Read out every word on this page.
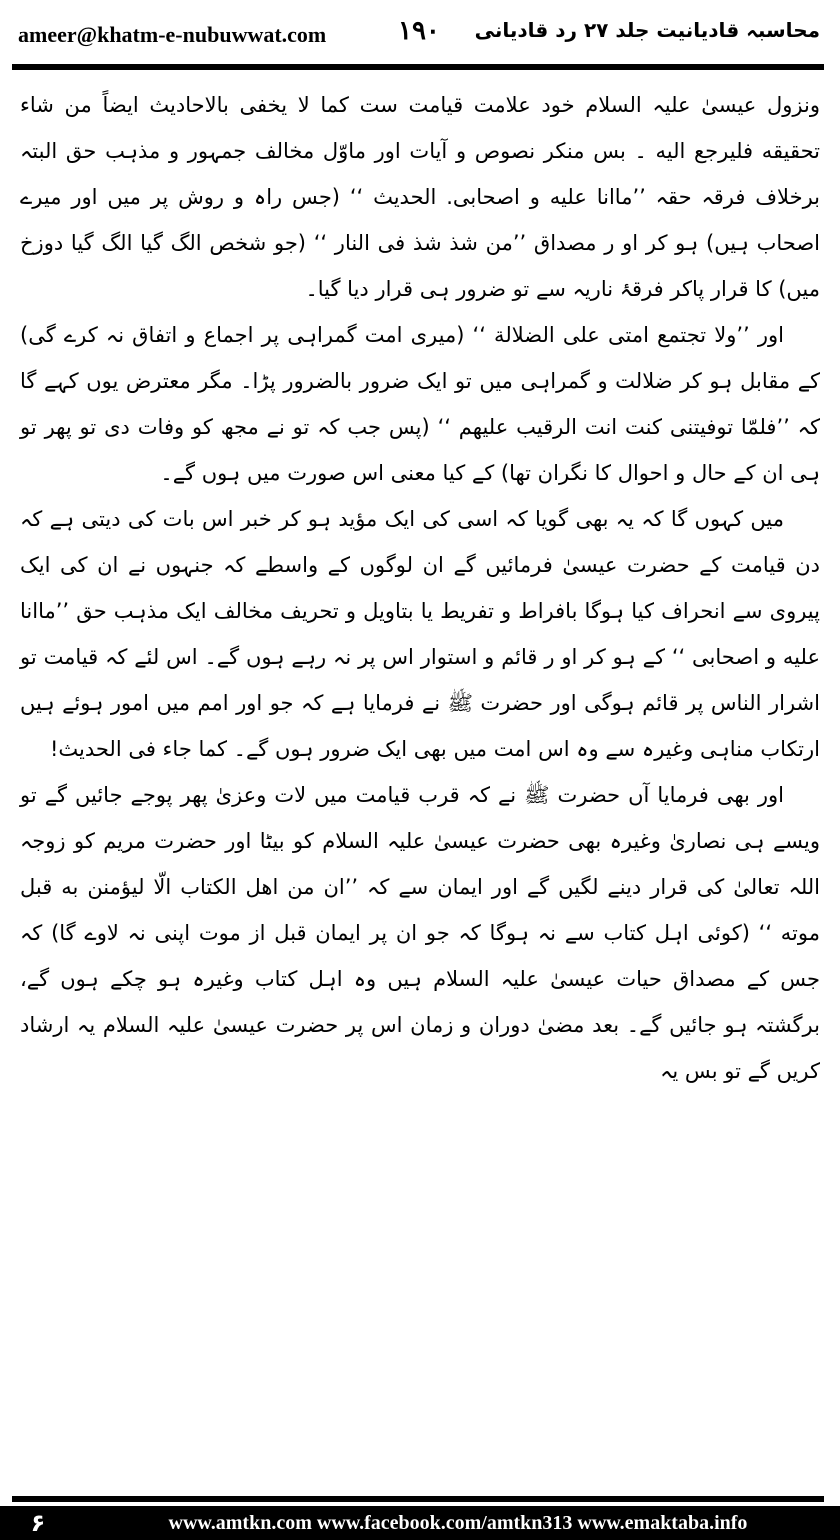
ameer@khatm-e-nubuwwat.com	۱۹۰ محاسبہ قادیانیت جلد ۲۷ رد قادیانی

ونزول عیسیٰ علیہ السلام خود علامت قیامت ست کما لا یخفی بالاحادیث ایضاً من شاء تحقیقه فلیرجع الیه ۔ بس منکر نصوص و آیات اور ماوّل مخالف جمہور و مذہب حق البتہ برخلاف فرقہ حقہ ’’ماانا علیه و اصحابی. الحدیث ‘‘ (جس راہ و روش پر میں اور میرے اصحاب ہیں) ہو کر او ر مصداق ’’من شذ شذ فی النار ‘‘ (جو شخص الگ گیا الگ گیا دوزخ میں) کا قرار پاکر فرقۂ ناریہ سے تو ضرور ہی قرار دیا گیا۔

اور ’’ولا تجتمع امتی علی الضلالة ‘‘ (میری امت گمراہی پر اجماع و اتفاق نہ کرے گی) کے مقابل ہو کر ضلالت و گمراہی میں تو ایک ضرور بالضرور پڑا۔ مگر معترض یوں کہے گا کہ ’’فلمّا توفیتنی کنت انت الرقیب علیهم ‘‘ (پس جب کہ تو نے مجھ کو وفات دی تو پھر تو ہی ان کے حال و احوال کا نگران تھا) کے کیا معنی اس صورت میں ہوں گے۔

میں کہوں گا کہ یہ بھی گویا کہ اسی کی ایک مؤید ہو کر خبر اس بات کی دیتی ہے کہ دن قیامت کے حضرت عیسیٰ فرمائیں گے ان لوگوں کے واسطے کہ جنہوں نے ان کی ایک پیروی سے انحراف کیا ہوگا بافراط و تفریط یا بتاویل و تحریف مخالف ایک مذہب حق ’’ماانا علیه و اصحابی ‘‘ کے ہو کر او ر قائم و استوار اس پر نہ رہے ہوں گے۔ اس لئے کہ قیامت تو اشرار الناس پر قائم ہوگی اور حضرت ﷺ نے فرمایا ہے کہ جو اور امم میں امور ہوئے ہیں ارتکاب مناہی وغیرہ سے وہ اس امت میں بھی ایک ضرور ہوں گے۔ کما جاء فی الحدیث!

اور بھی فرمایا آں حضرت ﷺ نے کہ قرب قیامت میں لات وعزیٰ پھر پوجے جائیں گے تو ویسے ہی نصاریٰ وغیرہ بھی حضرت عیسیٰ علیہ السلام کو بیٹا اور حضرت مریم کو زوجہ اللہ تعالیٰ کی قرار دینے لگیں گے اور ایمان سے کہ ’’ان من اهل الکتاب الّا لیؤمنن به قبل موته ‘‘ (کوئی اہل کتاب سے نہ ہوگا کہ جو ان پر ایمان قبل از موت اپنی نہ لاوے گا) کہ جس کے مصداق حیات عیسیٰ علیہ السلام ہیں وہ اہل کتاب وغیرہ ہو چکے ہوں گے، برگشتہ ہو جائیں گے۔ بعد مضیٰ دوران و زمان اس پر حضرت عیسیٰ علیہ السلام یہ ارشاد کریں گے تو بس یہ

۶	www.amtkn.com www.facebook.com/amtkn313 www.emaktaba.info
